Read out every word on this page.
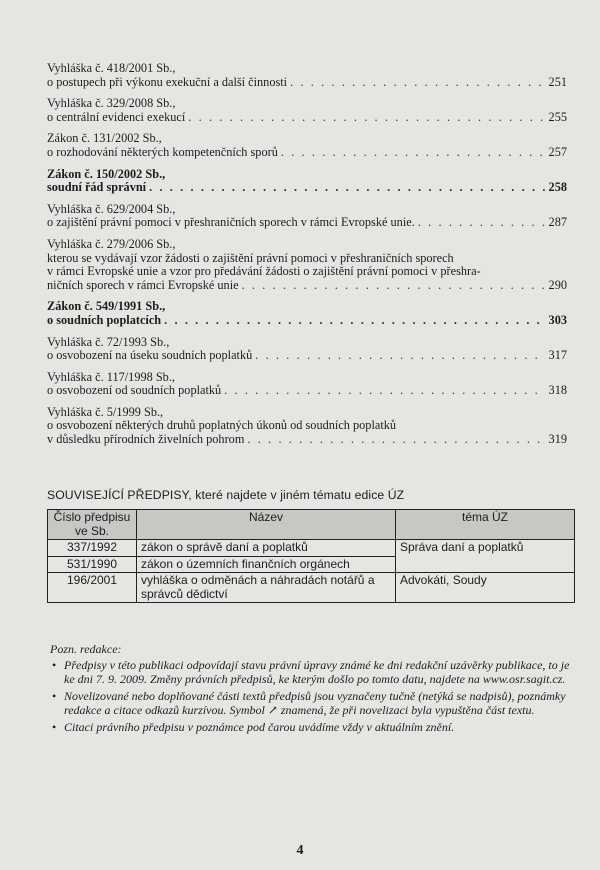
Vyhláška č. 418/2001 Sb.,
o postupech při výkonu exekuční a další činnosti . . .	251
Vyhláška č. 329/2008 Sb.,
o centrální evidenci exekucí . . .	255
Zákon č. 131/2002 Sb.,
o rozhodování některých kompetenčních sporů . . .	257
Zákon č. 150/2002 Sb.,
soudní řád správní . . .	258
Vyhláška č. 629/2004 Sb.,
o zajištění právní pomoci v přeshraničních sporech v rámci Evropské unie. . . .	287
Vyhláška č. 279/2006 Sb.,
kterou se vydávají vzor žádosti o zajištění právní pomoci v přeshraničních sporech
v rámci Evropské unie a vzor pro předávání žádosti o zajištění právní pomoci v přeshra-
ničních sporech v rámci Evropské unie . . .	290
Zákon č. 549/1991 Sb.,
o soudních poplatcích . . .	303
Vyhláška č. 72/1993 Sb.,
o osvobození na úseku soudních poplatků . . .	317
Vyhláška č. 117/1998 Sb.,
o osvobození od soudních poplatků . . .	318
Vyhláška č. 5/1999 Sb.,
o osvobození některých druhů poplatných úkonů od soudních poplatků
v důsledku přírodních živelních pohrom . . .	319
SOUVISEJÍCÍ PŘEDPISY, které najdete v jiném tématu edice ÚZ
Číslo předpisu ve Sb.	Název	téma ÚZ
337/1992	zákon o správě daní a poplatků	Správa daní a poplatků
531/1990	zákon o územních finančních orgánech	
196/2001	vyhláška o odměnách a náhradách notářů a správců dědictví	Advokáti, Soudy
Pozn. redakce:
• Předpisy v této publikaci odpovídají stavu právní úpravy známé ke dni redakční uzávěrky publikace, to je ke dni 7. 9. 2009. Změny právních předpisů, ke kterým došlo po tomto datu, najdete na www.osr.sagit.cz.
• Novelizované nebo doplňované části textů předpisů jsou vyznačeny tučně (netýká se nadpisů), poznámky redakce a citace odkazů kurzívou. Symbol ↗ znamená, že při novelizaci byla vypuštěna část textu.
• Citaci právního předpisu v poznámce pod čarou uvádíme vždy v aktuálním znění.
4
